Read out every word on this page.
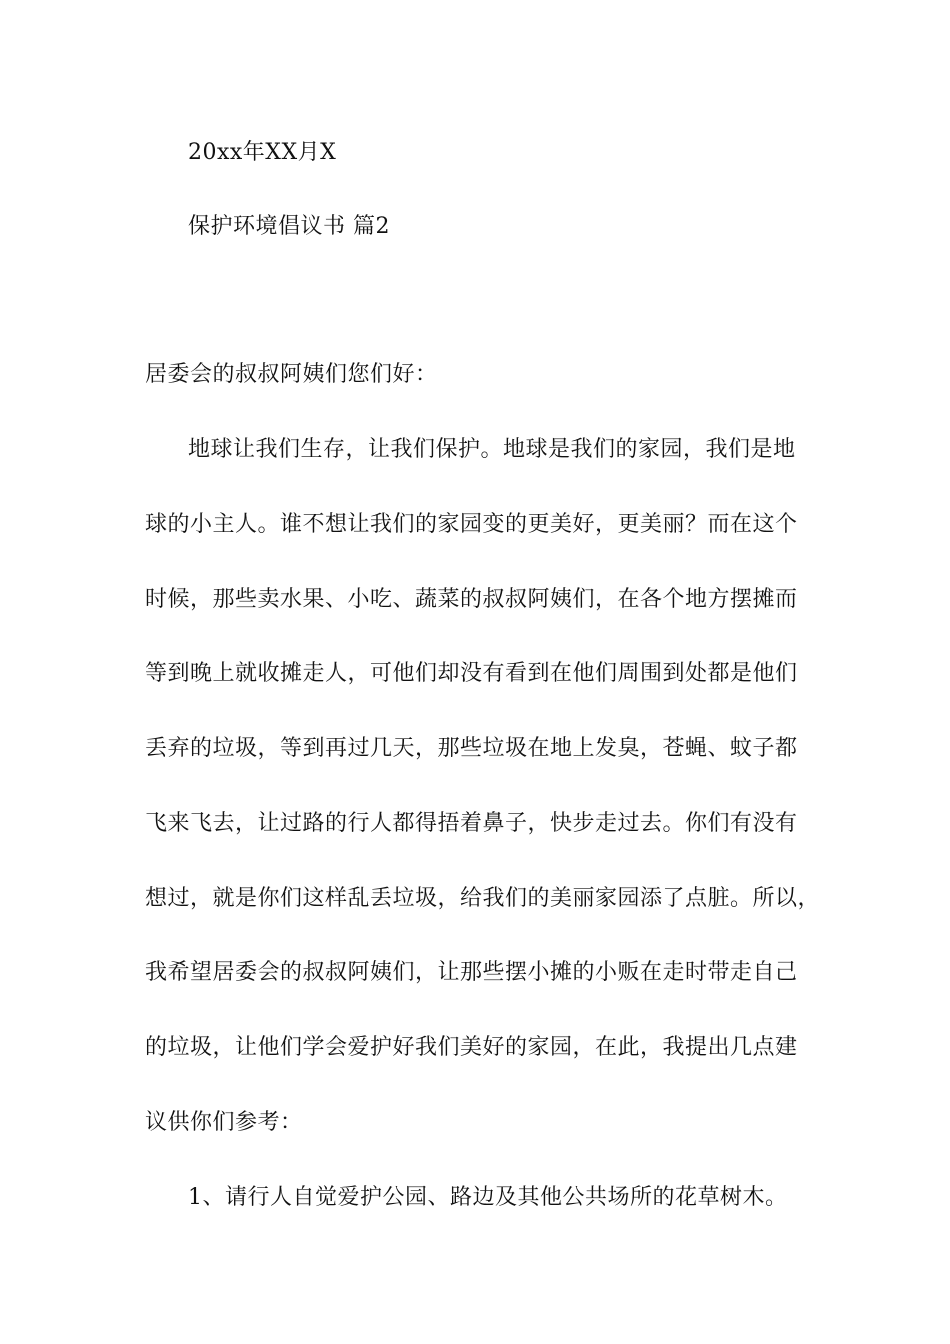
20xx年XX月X
保护环境倡议书 篇2
居委会的叔叔阿姨们您们好：
地球让我们生存，让我们保护。地球是我们的家园，我们是地
球的小主人。谁不想让我们的家园变的更美好，更美丽？而在这个
时候，那些卖水果、小吃、蔬菜的叔叔阿姨们，在各个地方摆摊而
等到晚上就收摊走人，可他们却没有看到在他们周围到处都是他们
丢弃的垃圾，等到再过几天，那些垃圾在地上发臭，苍蝇、蚊子都
飞来飞去，让过路的行人都得捂着鼻子，快步走过去。你们有没有
想过，就是你们这样乱丢垃圾，给我们的美丽家园添了点脏。所以，
我希望居委会的叔叔阿姨们，让那些摆小摊的小贩在走时带走自己
的垃圾，让他们学会爱护好我们美好的家园，在此，我提出几点建
议供你们参考：
1、请行人自觉爱护公园、路边及其他公共场所的花草树木。
